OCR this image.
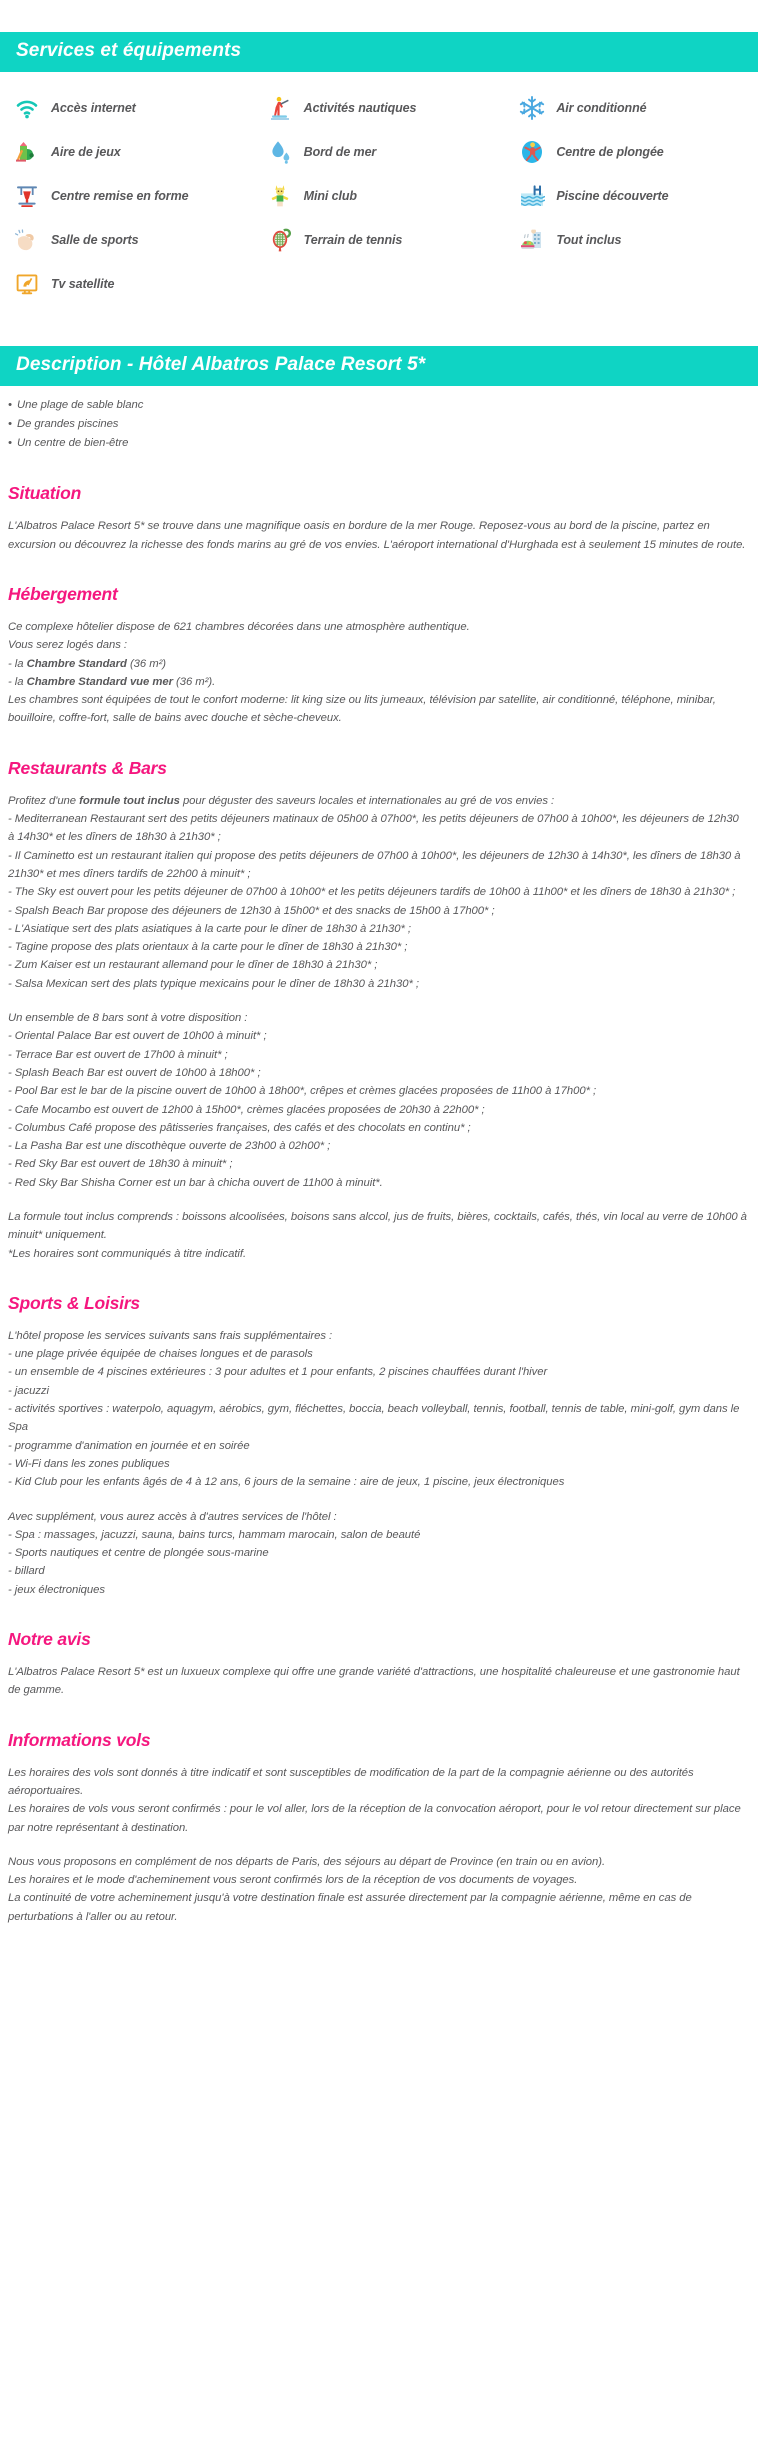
Services et équipements
Accès internet	Activités nautiques	Air conditionné
Aire de jeux	Bord de mer	Centre de plongée
Centre remise en forme	Mini club	Piscine découverte
Salle de sports	Terrain de tennis	Tout inclus
Tv satellite
Description - Hôtel Albatros Palace Resort 5*
• Une plage de sable blanc
• De grandes piscines
• Un centre de bien-être
Situation

L'Albatros Palace Resort 5* se trouve dans une magnifique oasis en bordure de la mer Rouge. Reposez-vous au bord de la piscine, partez en excursion ou découvrez la richesse des fonds marins au gré de vos envies. L'aéroport international d'Hurghada est à seulement 15 minutes de route.

Hébergement

Ce complexe hôtelier dispose de 621 chambres décorées dans une atmosphère authentique.

Vous serez logés dans :

- la Chambre Standard (36 m²)

- la Chambre Standard vue mer (36 m²).

Les chambres sont équipées de tout le confort moderne: lit king size ou lits jumeaux, télévision par satellite, air conditionné, téléphone, minibar, bouilloire, coffre-fort, salle de bains avec douche et sèche-cheveux.

Restaurants & Bars

Profitez d'une formule tout inclus pour déguster des saveurs locales et internationales au gré de vos envies :

- Mediterranean Restaurant sert des petits déjeuners matinaux de 05h00 à 07h00*, les petits déjeuners de 07h00 à 10h00*, les déjeuners de 12h30 à 14h30* et les dîners de 18h30 à 21h30* ;

- Il Caminetto est un restaurant italien qui propose des petits déjeuners de 07h00 à 10h00*, les déjeuners de 12h30 à 14h30*, les dîners de 18h30 à 21h30* et mes dîners tardifs de 22h00 à minuit* ;

- The Sky est ouvert pour les petits déjeuner de 07h00 à 10h00* et les petits déjeuners tardifs de 10h00 à 11h00* et les dîners de 18h30 à 21h30* ;

- Spalsh Beach Bar propose des déjeuners de 12h30 à 15h00* et des snacks de 15h00 à 17h00* ;

- L'Asiatique sert des plats asiatiques à la carte pour le dîner de 18h30 à 21h30* ;

- Tagine propose des plats orientaux à la carte pour le dîner de 18h30 à 21h30* ;

- Zum Kaiser est un restaurant allemand pour le dîner de 18h30 à 21h30* ;

- Salsa Mexican sert des plats typique mexicains pour le dîner de 18h30 à 21h30* ;

Un ensemble de 8 bars sont à votre disposition :

- Oriental Palace Bar est ouvert de 10h00 à minuit* ;

- Terrace Bar est ouvert de 17h00 à minuit* ;

- Splash Beach Bar est ouvert de 10h00 à 18h00* ;

- Pool Bar est le bar de la piscine ouvert de 10h00 à 18h00*, crêpes et crèmes glacées proposées de 11h00 à 17h00* ;

- Cafe Mocambo est ouvert de 12h00 à 15h00*, crèmes glacées proposées de 20h30 à 22h00* ;

- Columbus Café propose des pâtisseries françaises, des cafés et des chocolats en continu* ;

- La Pasha Bar est une discothèque ouverte de 23h00 à 02h00* ;

- Red Sky Bar est ouvert de 18h30 à minuit* ;

- Red Sky Bar Shisha Corner est un bar à chicha ouvert de 11h00 à minuit*.

La formule tout inclus comprends : boissons alcoolisées, boisons sans alccol, jus de fruits, bières, cocktails, cafés, thés, vin local au verre de 10h00 à minuit* uniquement.

*Les horaires sont communiqués à titre indicatif.

Sports & Loisirs

L'hôtel propose les services suivants sans frais supplémentaires :

- une plage privée équipée de chaises longues et de parasols

- un ensemble de 4 piscines extérieures : 3 pour adultes et 1 pour enfants, 2 piscines chauffées durant l'hiver

- jacuzzi

- activités sportives : waterpolo, aquagym, aérobics, gym, fléchettes, boccia, beach volleyball, tennis, football, tennis de table, mini-golf, gym dans le Spa

- programme d'animation en journée et en soirée

- Wi-Fi dans les zones publiques

- Kid Club pour les enfants âgés de 4 à 12 ans, 6 jours de la semaine : aire de jeux, 1 piscine, jeux électroniques

Avec supplément, vous aurez accès à d'autres services de l'hôtel :

- Spa : massages, jacuzzi, sauna, bains turcs, hammam marocain, salon de beauté

- Sports nautiques et centre de plongée sous-marine

- billard

- jeux électroniques

Notre avis

L'Albatros Palace Resort 5* est un luxueux complexe qui offre une grande variété d'attractions, une hospitalité chaleureuse et une gastronomie haut de gamme.

Informations vols

Les horaires des vols sont donnés à titre indicatif et sont susceptibles de modification de la part de la compagnie aérienne ou des autorités aéroportuaires.

Les horaires de vols vous seront confirmés : pour le vol aller, lors de la réception de la convocation aéroport, pour le vol retour directement sur place par notre représentant à destination.

Nous vous proposons en complément de nos départs de Paris, des séjours au départ de Province (en train ou en avion).

Les horaires et le mode d'acheminement vous seront confirmés lors de la réception de vos documents de voyages.

La continuité de votre acheminement jusqu'à votre destination finale est assurée directement par la compagnie aérienne, même en cas de perturbations à l'aller ou au retour.
